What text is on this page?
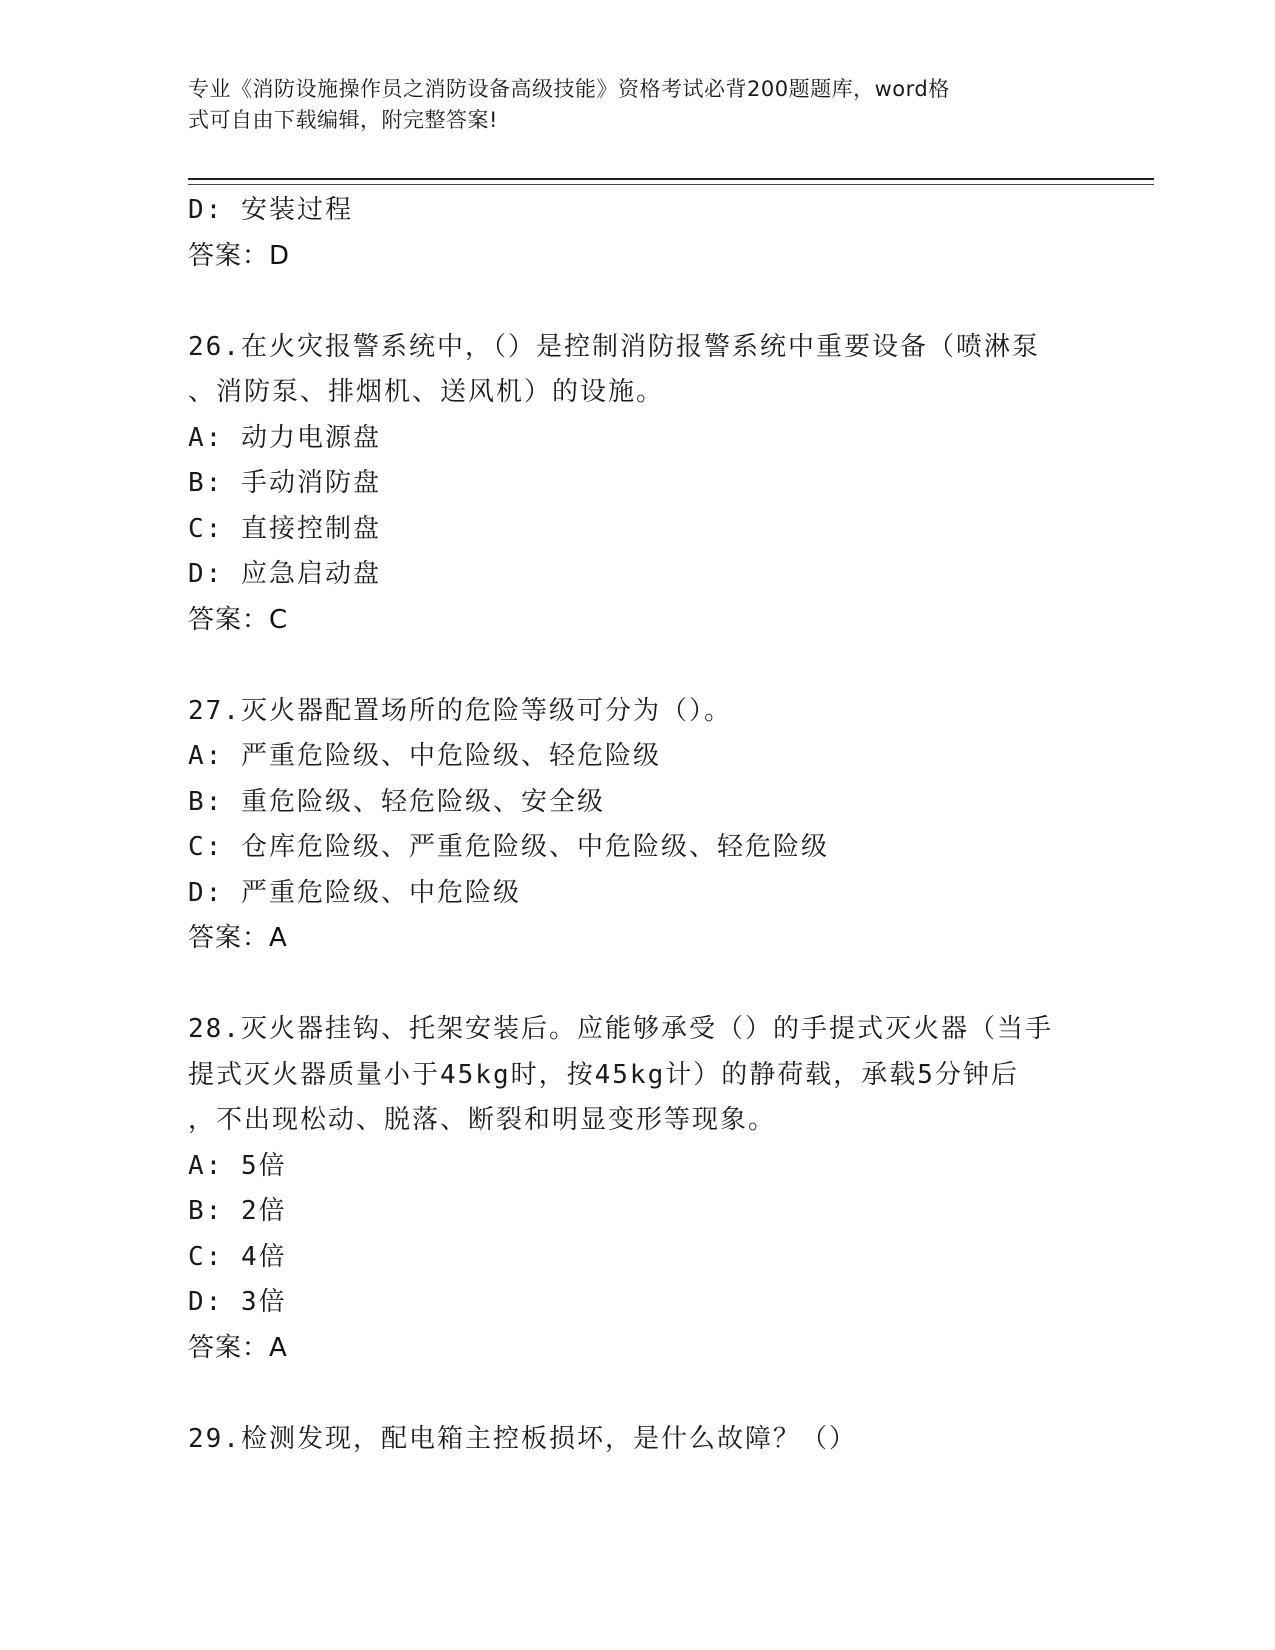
专业《消防设施操作员之消防设备高级技能》资格考试必背200题题库，word格
式可自由下载编辑，附完整答案!
D: 安装过程
答案：D
26.在火灾报警系统中，（）是控制消防报警系统中重要设备（喷淋泵
、消防泵、排烟机、送风机）的设施。
A: 动力电源盘
B: 手动消防盘
C: 直接控制盘
D: 应急启动盘
答案：C
27.灭火器配置场所的危险等级可分为（）。
A: 严重危险级、中危险级、轻危险级
B: 重危险级、轻危险级、安全级
C: 仓库危险级、严重危险级、中危险级、轻危险级
D: 严重危险级、中危险级
答案：A
28.灭火器挂钩、托架安装后。应能够承受（）的手提式灭火器（当手
提式灭火器质量小于45kg时，按45kg计）的静荷载，承载5分钟后
，不出现松动、脱落、断裂和明显变形等现象。
A: 5倍
B: 2倍
C: 4倍
D: 3倍
答案：A
29.检测发现，配电箱主控板损坏，是什么故障？（）
